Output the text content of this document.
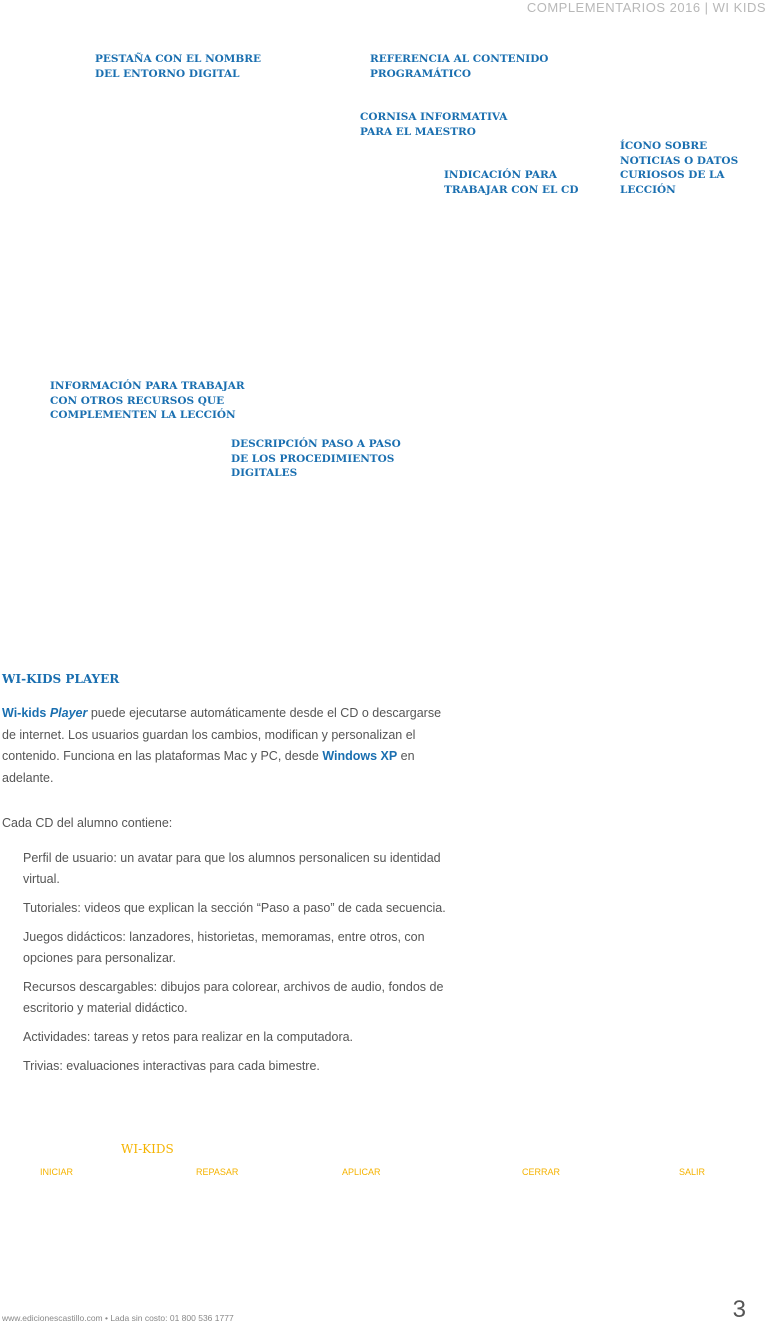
COMPLEMENTARIOS 2016 | WI KIDS
PESTAÑA CON EL NOMBRE
DEL ENTORNO DIGITAL
REFERENCIA AL CONTENIDO
PROGRAMÁTICO
CORNISA INFORMATIVA
PARA EL MAESTRO
ÍCONO SOBRE
NOTICIAS O DATOS
CURIOSOS DE LA
LECCIÓN
INDICACIÓN PARA
TRABAJAR CON EL CD
INFORMACIÓN PARA TRABAJAR
CON OTROS RECURSOS QUE
COMPLEMENTEN LA LECCIÓN
DESCRIPCIÓN PASO A PASO
DE LOS PROCEDIMIENTOS
DIGITALES
WI-KIDS PLAYER
Wi-kids Player puede ejecutarse automáticamente desde el CD o descargarse de internet. Los usuarios guardan los cambios, modifican y personalizan el contenido. Funciona en las plataformas Mac y PC, desde Windows XP en adelante.
Cada CD del alumno contiene:
Perfil de usuario: un avatar para que los alumnos personalicen su identidad virtual.
Tutoriales: videos que explican la sección “Paso a paso” de cada secuencia.
Juegos didácticos: lanzadores, historietas, memoramas, entre otros, con opciones para personalizar.
Recursos descargables: dibujos para colorear, archivos de audio, fondos de escritorio y material didáctico.
Actividades: tareas y retos para realizar en la computadora.
Trivias: evaluaciones interactivas para cada bimestre.
WI-KIDS
INICIAR	REPASAR	APLICAR	CERRAR	SALIR
www.edicionescastillo.com • Lada sin costo: 01 800 536 1777	3
